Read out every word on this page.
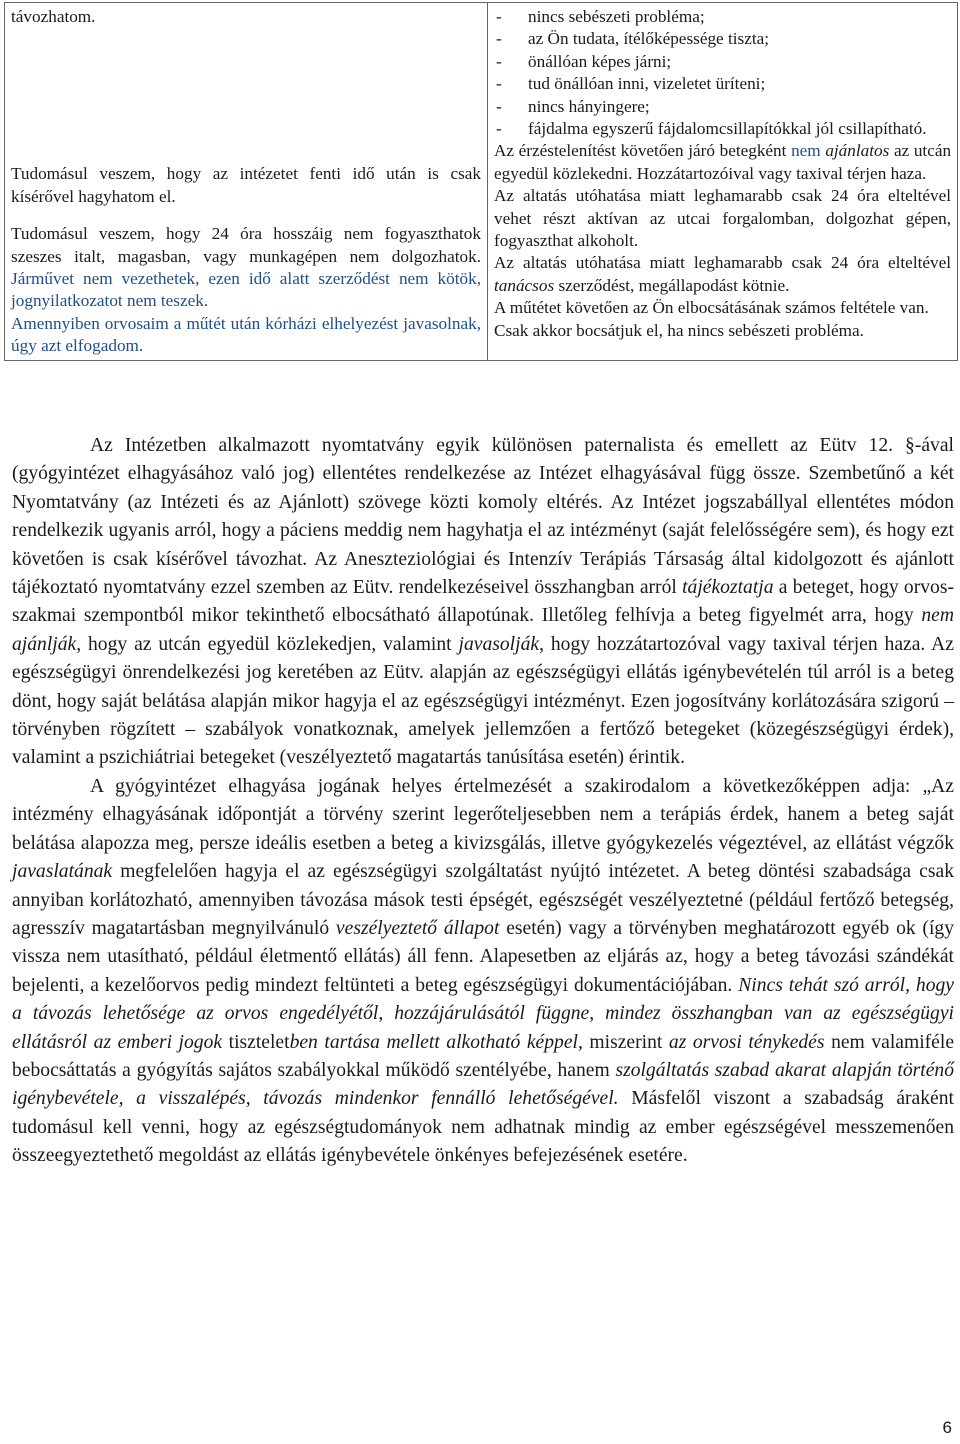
távozhatom.

Tudomásul veszem, hogy az intézetet fenti idő után is csak kísérővel hagyhatom el.

Tudomásul veszem, hogy 24 óra hosszáig nem fogyaszthatok szeszes italt, magasban, vagy munkagépen nem dolgozhatok. Járművet nem vezethetek, ezen idő alatt szerződést nem kötök, jognyilatkozatot nem teszek.

Amennyiben orvosaim a műtét után kórházi elhelyezést javasolnak, úgy azt elfogadom.

- nincs sebészeti probléma;
- az Ön tudata, ítélőképessége tiszta;
- önállóan képes járni;
- tud önállóan inni, vizeletet üríteni;
- nincs hányingere;
- fájdalma egyszerű fájdalomcsillapítókkal jól csillapítható.

Az érzéstelenítést követően járó betegként nem ajánlatos az utcán egyedül közlekedni. Hozzátartozóival vagy taxival térjen haza.

Az altatás utóhatása miatt leghamarabb csak 24 óra elteltével vehet részt aktívan az utcai forgalomban, dolgozhat gépen, fogyaszthat alkoholt.

Az altatás utóhatása miatt leghamarabb csak 24 óra elteltével tanácsos szerződést, megállapodást kötnie.

A műtétet követően az Ön elbocsátásának számos feltétele van.

Csak akkor bocsátjuk el, ha nincs sebészeti probléma.

Az Intézetben alkalmazott nyomtatvány egyik különösen paternalista és emellett az Eütv 12. §-ával (gyógyintézet elhagyásához való jog) ellentétes rendelkezése az Intézet elhagyásával függ össze. Szembetűnő a két Nyomtatvány (az Intézeti és az Ajánlott) szövege közti komoly eltérés. Az Intézet jogszabállyal ellentétes módon rendelkezik ugyanis arról, hogy a páciens meddig nem hagyhatja el az intézményt (saját felelősségére sem), és hogy ezt követően is csak kísérővel távozhat. Az Aneszteziológiai és Intenzív Terápiás Társaság által kidolgozott és ajánlott tájékoztató nyomtatvány ezzel szemben az Eütv. rendelkezéseivel összhangban arról tájékoztatja a beteget, hogy orvos-szakmai szempontból mikor tekinthető elbocsátható állapotúnak. Illetőleg felhívja a beteg figyelmét arra, hogy nem ajánlják, hogy az utcán egyedül közlekedjen, valamint javasolják, hogy hozzátartozóval vagy taxival térjen haza. Az egészségügyi önrendelkezési jog keretében az Eütv. alapján az egészségügyi ellátás igénybevételén túl arról is a beteg dönt, hogy saját belátása alapján mikor hagyja el az egészségügyi intézményt. Ezen jogosítvány korlátozására szigorú – törvényben rögzített – szabályok vonatkoznak, amelyek jellemzően a fertőző betegeket (közegészségügyi érdek), valamint a pszichiátriai betegeket (veszélyeztető magatartás tanúsítása esetén) érintik.

A gyógyintézet elhagyása jogának helyes értelmezését a szakirodalom a következőképpen adja: „Az intézmény elhagyásának időpontját a törvény szerint legerőteljesebben nem a terápiás érdek, hanem a beteg saját belátása alapozza meg, persze ideális esetben a beteg a kivizsgálás, illetve gyógykezelés végeztével, az ellátást végzők javaslatának megfelelően hagyja el az egészségügyi szolgáltatást nyújtó intézetet. A beteg döntési szabadsága csak annyiban korlátozható, amennyiben távozása mások testi épségét, egészségét veszélyeztetné (például fertőző betegség, agresszív magatartásban megnyilvánuló veszélyeztető állapot esetén) vagy a törvényben meghatározott egyéb ok (így vissza nem utasítható, például életmentő ellátás) áll fenn. Alapesetben az eljárás az, hogy a beteg távozási szándékát bejelenti, a kezelőorvos pedig mindezt feltünteti a beteg egészségügyi dokumentációjában. Nincs tehát szó arról, hogy a távozás lehetősége az orvos engedélyétől, hozzájárulásától függne, mindez összhangban van az egészségügyi ellátásról az emberi jogok tiszteletben tartása mellett alkotható képpel, miszerint az orvosi ténykedés nem valamiféle bebocsáttatás a gyógyítás sajátos szabályokkal működő szentélyébe, hanem szolgáltatás szabad akarat alapján történő igénybevétele, a visszalépés, távozás mindenkor fennálló lehetőségével. Másfelől viszont a szabadság áraként tudomásul kell venni, hogy az egészségtudományok nem adhatnak mindig az ember egészségével messzemenően összeegyeztethető megoldást az ellátás igénybevétele önkényes befejezésének esetére.

6
